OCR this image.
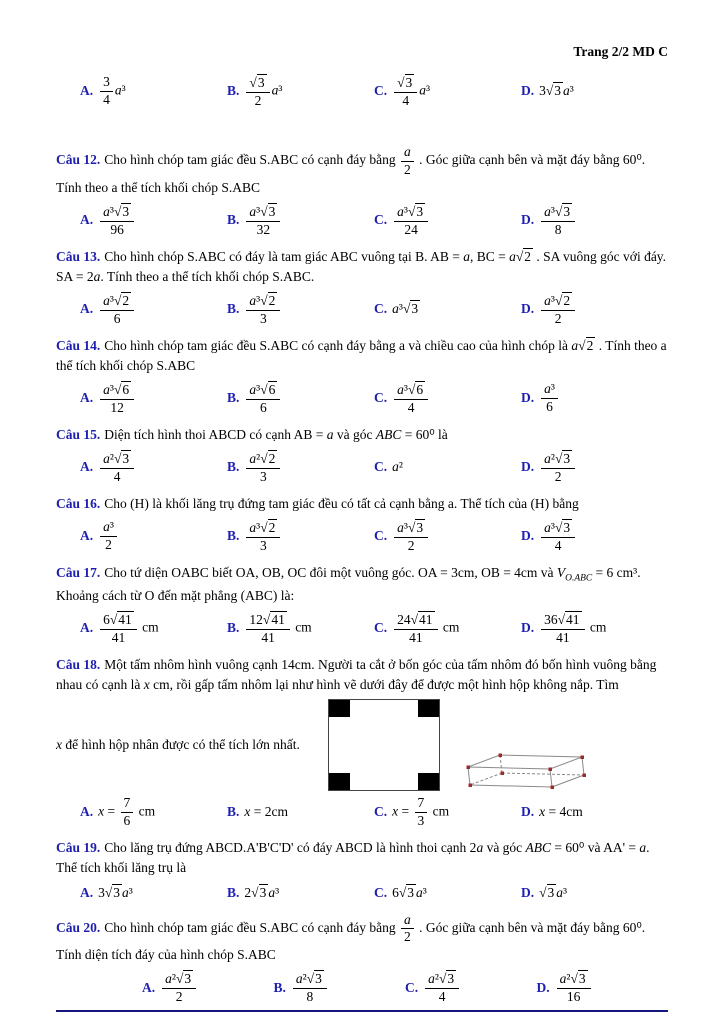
Trang 2/2 MD C
A. $\frac{3}{4} a^3$	B. $\frac{√3}{2} a^3$	C. $\frac{√3}{4} a^3$	D. 3√3 a³

Câu 12. Cho hình chóp tam giác đều S.ABC có cạnh đáy bằng $\frac{a}{2}$ . Góc giữa cạnh bên và mặt đáy bằng 60⁰. Tính theo a thể tích khối chóp S.ABC

A. $\frac{\text{a³√3}}{96}$	B. $\frac{\text{a³√3}}{32}$	C. $\frac{\text{a³√3}}{24}$	D. $\frac{\text{a³√3}}{8}$

Câu 13. Cho hình chóp S.ABC có đáy là tam giác ABC vuông tại B. AB = a, BC = a√2 . SA vuông góc với đáy. SA = 2a. Tính theo a thể tích khối chóp S.ABC.

A. $\frac{\text{a³√2}}{6}$	B. $\frac{\text{a³√2}}{3}$	C. a³√3	D. $\frac{\text{a³√2}}{2}$

Câu 14. Cho hình chóp tam giác đều S.ABC có cạnh đáy bằng a và chiều cao của hình chóp là a√2 . Tính theo a thể tích khối chóp S.ABC

A. $\frac{\text{a³√6}}{12}$	B. $\frac{\text{a³√6}}{6}$	C. $\frac{\text{a³√6}}{4}$	D. $\frac{\text{a³}}{6}$

Câu 15. Diện tích hình thoi ABCD có cạnh AB = a và góc ABC = 60⁰ là

A. $\frac{\text{a²√3}}{4}$	B. $\frac{\text{a²√2}}{3}$	C. a²	D. $\frac{\text{a²√3}}{2}$

Câu 16. Cho (H) là khối lăng trụ đứng tam giác đều có tất cả cạnh bằng a. Thể tích của (H) bằng

A. $\frac{\text{a³}}{2}$	B. $\frac{\text{a³√2}}{3}$	C. $\frac{\text{a³√3}}{2}$	D. $\frac{\text{a³√3}}{4}$

Câu 17. Cho tứ diện OABC biết OA, OB, OC đôi một vuông góc. OA = 3cm, OB = 4cm và $V_{O.ABC} = 6$ cm³. Khoảng cách từ O đến mặt phẳng (ABC) là:

A. $\frac{6√41}{41}$ cm	B. $\frac{12√41}{41}$ cm	C. $\frac{24√41}{41}$ cm	D. $\frac{36√41}{41}$ cm

Câu 18. Một tấm nhôm hình vuông cạnh 14cm. Người ta cắt ở bốn góc của tấm nhôm đó bốn hình vuông bằng nhau có cạnh là x cm, rồi gấp tấm nhôm lại như hình vẽ dưới đây để được một hình hộp không nắp. Tìm

x để hình hộp nhân được có thể tích lớn nhất.
A. $x = \frac{7}{6}$ cm	B. x = 2cm	C. $x = \frac{7}{3}$ cm	D. x = 4cm

Câu 19. Cho lăng trụ đứng ABCD.A'B'C'D' có đáy ABCD là hình thoi cạnh 2a và góc ABC = 60⁰ và AA' = a. Thể tích khối lăng trụ là

A. 3√3 a³	B. 2√3 a³	C. 6√3 a³	D. √3 a³

Câu 20. Cho hình chóp tam giác đều S.ABC có cạnh đáy bằng $\frac{a}{2}$ . Góc giữa cạnh bên và mặt đáy bằng 60⁰. Tính diện tích đáy của hình chóp S.ABC

A. $\frac{\text{a²√3}}{2}$	B. $\frac{\text{a²√3}}{8}$	C. $\frac{\text{a²√3}}{4}$	D. $\frac{\text{a²√3}}{16}$
